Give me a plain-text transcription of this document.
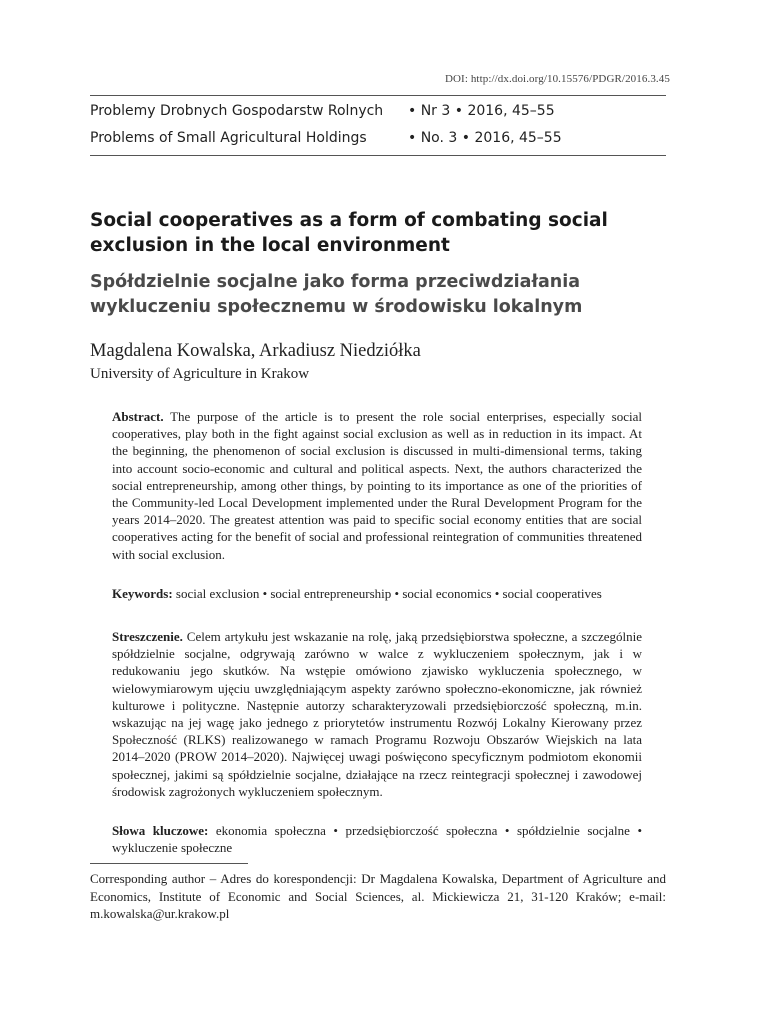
DOI: http://dx.doi.org/10.15576/PDGR/2016.3.45
Problemy Drobnych Gospodarstw Rolnych	• Nr 3 • 2016, 45–55
Problems of Small Agricultural Holdings	• No. 3 • 2016, 45–55
Social cooperatives as a form of combating social exclusion in the local environment
Spółdzielnie socjalne jako forma przeciwdziałania wykluczeniu społecznemu w środowisku lokalnym
Magdalena Kowalska, Arkadiusz Niedziółka
University of Agriculture in Krakow
Abstract. The purpose of the article is to present the role social enterprises, especially social cooperatives, play both in the fight against social exclusion as well as in reduction in its impact. At the beginning, the phenomenon of social exclusion is discussed in multi-dimensional terms, taking into account socio-economic and cultural and political aspects. Next, the authors characterized the social entrepreneurship, among other things, by pointing to its importance as one of the priorities of the Community-led Local Development implemented under the Rural Development Program for the years 2014–2020. The greatest attention was paid to specific social economy entities that are social cooperatives acting for the benefit of social and professional reintegration of communities threatened with social exclusion.
Keywords: social exclusion • social entrepreneurship • social economics • social cooperatives
Streszczenie. Celem artykułu jest wskazanie na rolę, jaką przedsiębiorstwa społeczne, a szczególnie spółdzielnie socjalne, odgrywają zarówno w walce z wykluczeniem społecznym, jak i w redukowaniu jego skutków. Na wstępie omówiono zjawisko wykluczenia społecznego, w wielowymiarowym ujęciu uwzględniającym aspekty zarówno społeczno-ekonomiczne, jak również kulturowe i polityczne. Następnie autorzy scharakteryzowali przedsiębiorczość społeczną, m.in. wskazując na jej wagę jako jednego z priorytetów instrumentu Rozwój Lokalny Kierowany przez Społeczność (RLKS) realizowanego w ramach Programu Rozwoju Obszarów Wiejskich na lata 2014–2020 (PROW 2014–2020). Najwięcej uwagi poświęcono specyficznym podmiotom ekonomii społecznej, jakimi są spółdzielnie socjalne, działające na rzecz reintegracji społecznej i zawodowej środowisk zagrożonych wykluczeniem społecznym.
Słowa kluczowe: ekonomia społeczna • przedsiębiorczość społeczna • spółdzielnie socjalne • wykluczenie społeczne
Corresponding author – Adres do korespondencji: Dr Magdalena Kowalska, Department of Agriculture and Economics, Institute of Economic and Social Sciences, al. Mickiewicza 21, 31-120 Kraków; e-mail: m.kowalska@ur.krakow.pl
